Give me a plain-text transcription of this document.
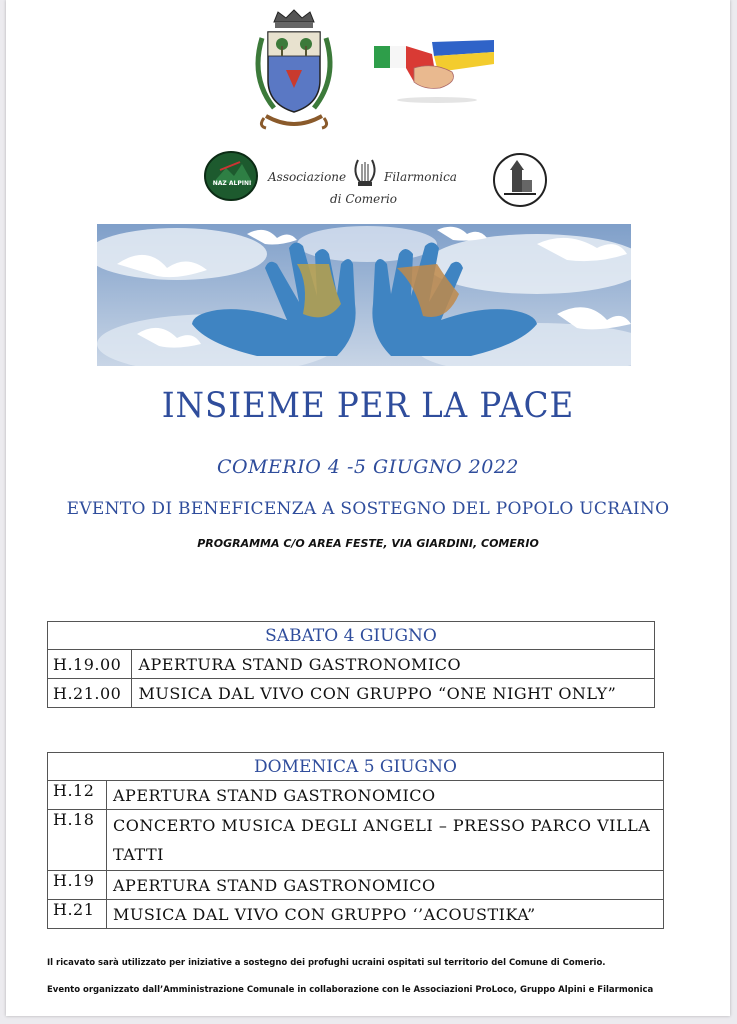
NAZ ALPINI Associazione	Filarmonica
di Comerio
INSIEME PER LA PACE
COMERIO 4 -5 GIUGNO 2022
EVENTO DI BENEFICENZA A SOSTEGNO DEL POPOLO UCRAINO
PROGRAMMA C/O AREA FESTE, VIA GIARDINI, COMERIO
SABATO 4 GIUGNO	
H.19.00	APERTURA STAND GASTRONOMICO
H.21.00	MUSICA DAL VIVO CON GRUPPO “ONE NIGHT ONLY”
DOMENICA 5 GIUGNO	
H.12	APERTURA STAND GASTRONOMICO
H.18	CONCERTO MUSICA DEGLI ANGELI – PRESSO PARCO VILLA TATTI
H.19	APERTURA STAND GASTRONOMICO
H.21	MUSICA DAL VIVO CON GRUPPO ‘’ACOUSTIKA”
Il ricavato sarà utilizzato per iniziative a sostegno dei profughi ucraini ospitati sul territorio del Comune di Comerio.
Evento organizzato dall’Amministrazione Comunale in collaborazione con le Associazioni ProLoco, Gruppo Alpini e Filarmonica
